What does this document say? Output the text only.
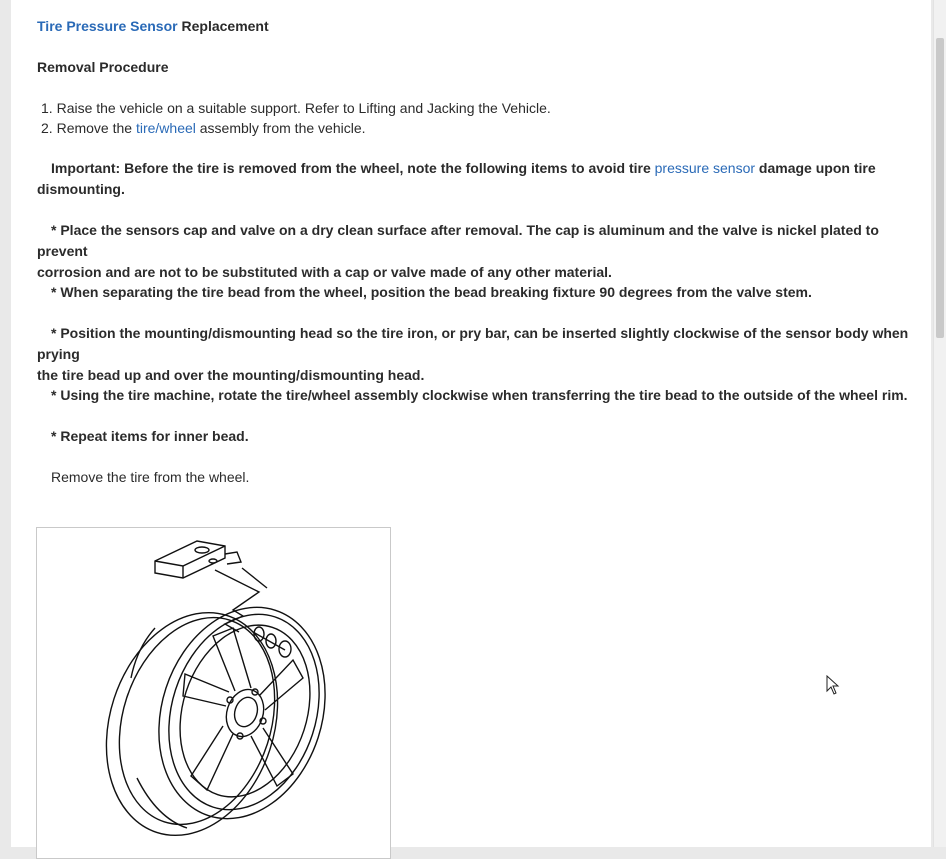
Tire Pressure Sensor Replacement
Removal Procedure
1. Raise the vehicle on a suitable support. Refer to Lifting and Jacking the Vehicle.
2. Remove the tire/wheel assembly from the vehicle.
Important: Before the tire is removed from the wheel, note the following items to avoid tire pressure sensor damage upon tire
dismounting.
* Place the sensors cap and valve on a dry clean surface after removal. The cap is aluminum and the valve is nickel plated to prevent
corrosion and are not to be substituted with a cap or valve made of any other material.
* When separating the tire bead from the wheel, position the bead breaking fixture 90 degrees from the valve stem.
* Position the mounting/dismounting head so the tire iron, or pry bar, can be inserted slightly clockwise of the sensor body when prying
the tire bead up and over the mounting/dismounting head.
* Using the tire machine, rotate the tire/wheel assembly clockwise when transferring the tire bead to the outside of the wheel rim.
* Repeat items for inner bead.
Remove the tire from the wheel.
